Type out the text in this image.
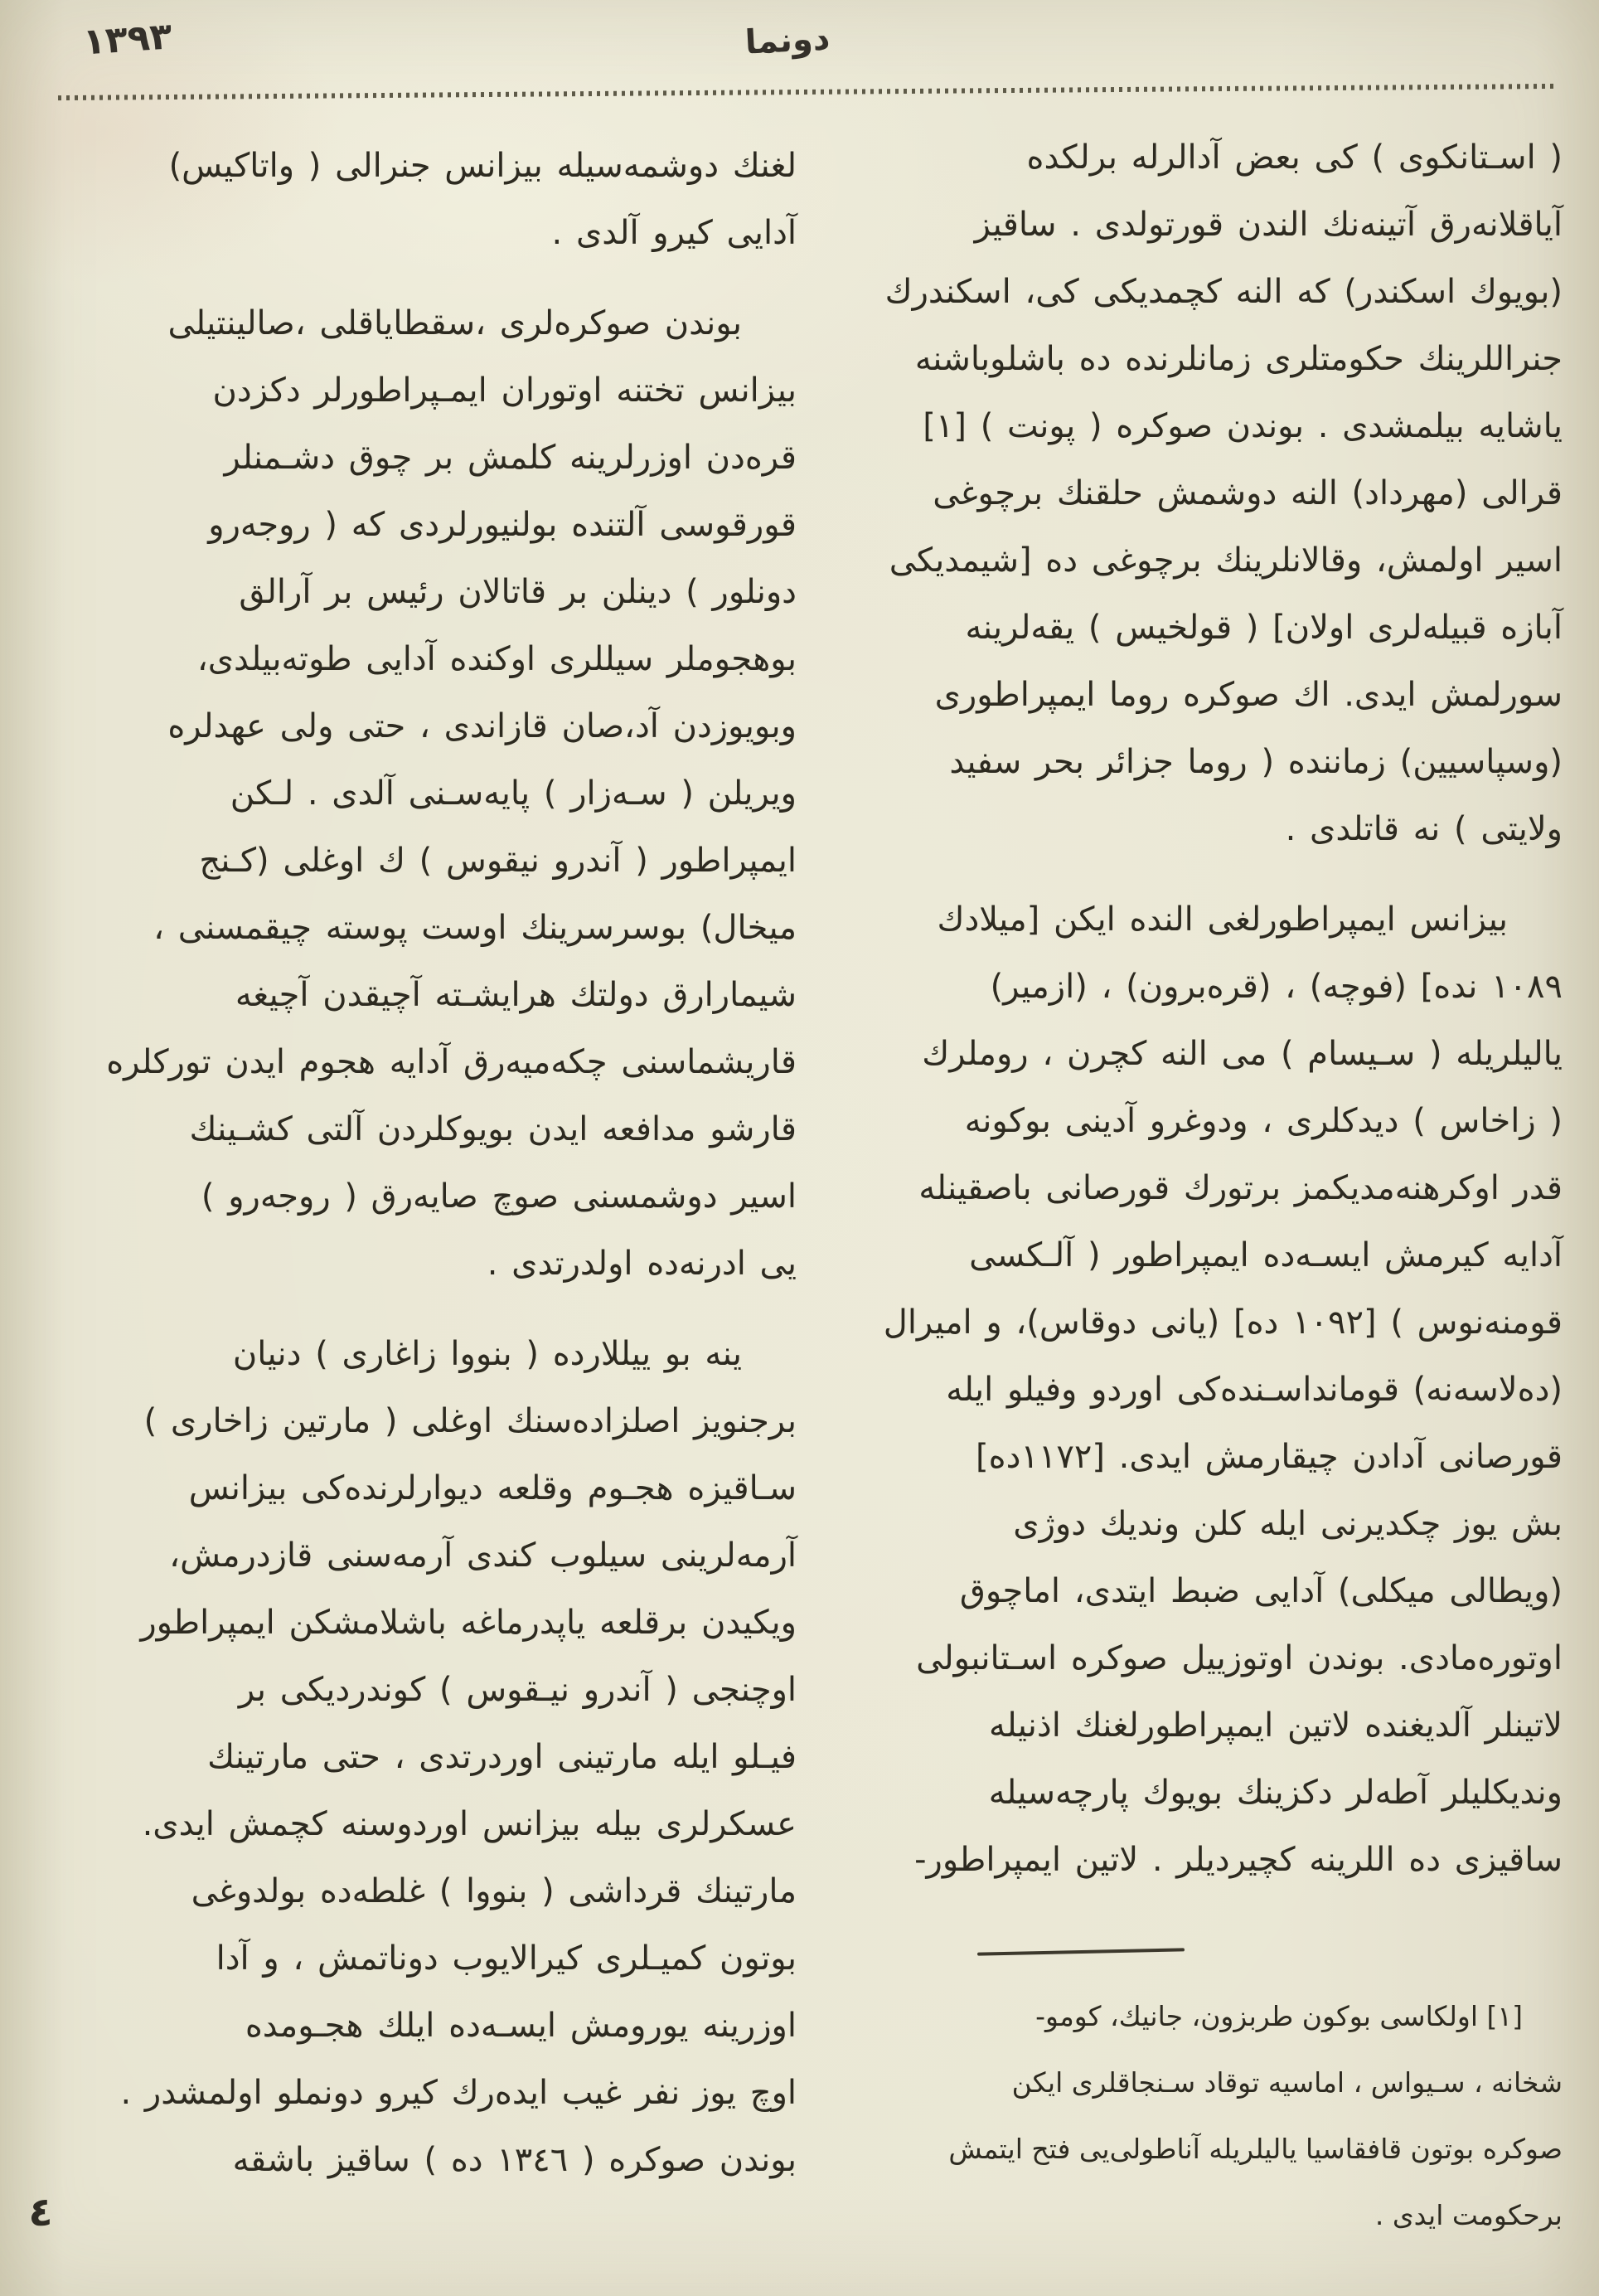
١٣٩٣	دونما
( اسـتانكوى ) كى بعض آدالرله برلكده
آياقلانه‌رق آتينه‌نك الندن قورتولدى . ساقيز
(بويوك اسكندر) كه النه كچمديكى كى، اسكندرك
جنراللرينك حكومتلرى زمانلرنده ده باشلوباشنه
ياشايه بيلمشدى . بوندن صوكره ( پونت ) [١]
قرالى (مهرداد) النه دوشمش حلقنك برچوغى
اسير اولمش، وقالانلرينك برچوغى ده [شيمديكى
آبازه قبيله‌لرى اولان] ( قولخيس ) يقه‌لرينه
سورلمش ايدى. اك صوكره روما ايمپراطورى
(وسپاسيين) زماننده ( روما جزائر بحر سفيد
ولايتى ) نه قاتلدى .
بيزانس ايمپراطورلغى النده ايكن [ميلادك
١٠٨٩ نده] (فوچه) ، (قره‌برون) ، (ازمير)
ياليلريله ( سـيسام ) مى النه كچرن ، روملرك
( زاخاس ) ديدكلرى ، ودوغرو آدينى بوكونه
قدر اوكرهنه‌مديكمز برتورك قورصانى باصقينله
آدايه كيرمش ايسـه‌ده ايمپراطور ( آلـكسى
قومنه‌نوس ) [١٠٩٢ ده] (يانى دوقاس)، و اميرال
(ده‌لاسه‌نه) قومانداسـنده‌كى اوردو وفيلو ايله
قورصانى آدادن چيقارمش ايدى. [١١٧٢ده]
بش يوز چكديرنى ايله كلن ونديك دوژى
(ويطالى ميكلى) آدايى ضبط ايتدى، اماچوق
اوتوره‌مادى. بوندن اوتوزييل صوكره اسـتانبولى
لاتينلر آلديغنده لاتين ايمپراطورلغنك اذنيله
ونديكليلر آطه‌لر دكزينك بويوك پارچه‌سيله
ساقيزى ده اللرينه كچيرديلر . لاتين ايمپراطور-
لغنك دوشمه‌سيله بيزانس جنرالى ( واتاكيس)
آدايى كيرو آلدى .
بوندن صوكره‌لرى ،سقطاياقلى ،صالينتيلى
بيزانس تختنه اوتوران ايمـپراطورلر دكزدن
قره‌دن اوزرلرينه كلمش بر چوق دشـمنلر
قورقوسى آلتنده بولنيورلردى كه ( روجه‌رو
دونلور ) دينلن بر قاتالان رئيس بر آرالق
بوهجوملر سيللرى اوكنده آدايى طوته‌بيلدى،
وبويوزدن آد،صان قازاندى ، حتى ولى عهدلره
ويريلن ( سـه‌زار ) پايه‌سـنى آلدى . لـكن
ايمپراطور ( آندرو نيقوس ) ك اوغلى (كـنج
ميخال) بوسرسرينك اوست پوسته چيقمسنى ،
شيمارارق دولتك هرايشـته آچيقدن آچيغه
قاريشماسنى چكه‌ميه‌رق آدايه هجوم ايدن توركلره
قارشو مدافعه ايدن بويوكلردن آلتى كشـينك
اسير دوشمسنى صوچ صايه‌رق ( روجه‌رو )
يى ادرنه‌ده اولدرتدى .
ينه بو ييللارده ( بنووا زاغارى ) دنيان
برجنويز اصلزاده‌سنك اوغلى ( مارتين زاخارى )
سـاقيزه هجـوم وقلعه ديوارلرنده‌كى بيزانس
آرمه‌لرينى سيلوب كندى آرمه‌سنى قازدرمش،
ويكيدن برقلعه ياپدرماغه باشلامشكن ايمپراطور
اوچنجى ( آندرو نيـقوس ) كوندرديكى بر
فيـلو ايله مارتينى اوردرتدى ، حتى مارتينك
عسكرلرى بيله بيزانس اوردوسنه كچمش ايدى.
مارتينك قرداشى ( بنووا ) غلطه‌ده بولدوغى
بوتون كميـلرى كيرالايوب دوناتمش ، و آدا
اوزرينه يورومش ايسـه‌ده ايلك هجـومده
اوچ يوز نفر غيب ايده‌رك كيرو دونملو اولمشدر .
بوندن صوكره ( ١٣٤٦ ده ) ساقيز باشقه
[١] اولكاسى بوكون طربزون، جانيك، كومو-
شخانه ، سـيواس ، اماسيه توقاد سـنجاقلرى ايكن
صوكره بوتون قافقاسيا ياليلريله آناطولى‌يى فتح ايتمش
برحكومت ايدى .
٤
